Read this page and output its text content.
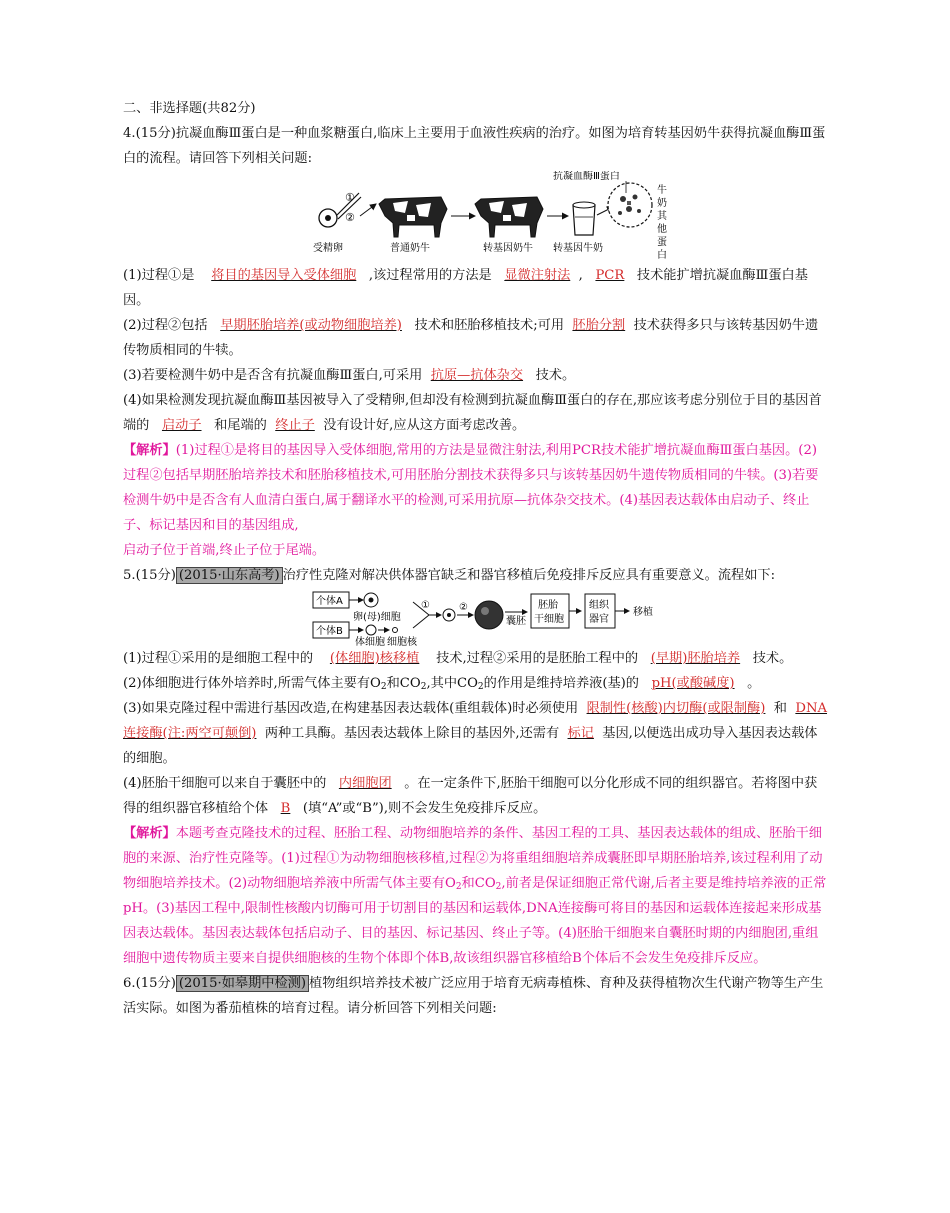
二、非选择题(共82分)

4.(15分)抗凝血酶Ⅲ蛋白是一种血浆糖蛋白,临床上主要用于血液性疾病的治疗。如图为培育转基因奶牛获得抗凝血酶Ⅲ蛋白的流程。请回答下列相关问题:

①
②
受精卵	普通奶牛	转基因奶牛 转基因牛奶
抗凝血酶Ⅲ蛋白
牛
奶
其
他
蛋
白

(1)过程①是 将目的基因导入受体细胞 ,该过程常用的方法是 显微注射法 , PCR 技术能扩增抗凝血酶Ⅲ蛋白基因。

(2)过程②包括 早期胚胎培养(或动物细胞培养) 技术和胚胎移植技术;可用 胚胎分割 技术获得多只与该转基因奶牛遗传物质相同的牛犊。

(3)若要检测牛奶中是否含有抗凝血酶Ⅲ蛋白,可采用 抗原—抗体杂交 技术。

(4)如果检测发现抗凝血酶Ⅲ基因被导入了受精卵,但却没有检测到抗凝血酶Ⅲ蛋白的存在,那应该考虑分别位于目的基因首端的 启动子 和尾端的 终止子 没有设计好,应从这方面考虑改善。

【解析】(1)过程①是将目的基因导入受体细胞,常用的方法是显微注射法,利用PCR技术能扩增抗凝血酶Ⅲ蛋白基因。(2)过程②包括早期胚胎培养技术和胚胎移植技术,可用胚胎分割技术获得多只与该转基因奶牛遗传物质相同的牛犊。(3)若要检测牛奶中是否含有人血清白蛋白,属于翻译水平的检测,可采用抗原—抗体杂交技术。(4)基因表达载体由启动子、终止子、标记基因和目的基因组成,

启动子位于首端,终止子位于尾端。

5.(15分) (2015·山东高考) 治疗性克隆对解决供体器官缺乏和器官移植后免疫排斥反应具有重要意义。流程如下:

个体A
卵(母)细胞
个体B
体细胞 细胞核
①	②
囊胚
胚胎
干细胞
组织
器官
移植

(1)过程①采用的是细胞工程中的 (体细胞)核移植 技术,过程②采用的是胚胎工程中的 (早期)胚胎培养 技术。

(2)体细胞进行体外培养时,所需气体主要有$O_2$和$CO_2$,其中$CO_2$的作用是维持培养液(基)的 pH(或酸碱度) 。

(3)如果克隆过程中需进行基因改造,在构建基因表达载体(重组载体)时必须使用 限制性(核酸)内切酶(或限制酶) 和 DNA连接酶(注:两空可颠倒) 两种工具酶。基因表达载体上除目的基因外,还需有 标记 基因,以便选出成功导入基因表达载体的细胞。

(4)胚胎干细胞可以来自于囊胚中的 内细胞团 。在一定条件下,胚胎干细胞可以分化形成不同的组织器官。若将图中获得的组织器官移植给个体 B (填“A”或“B”),则不会发生免疫排斥反应。

【解析】本题考查克隆技术的过程、胚胎工程、动物细胞培养的条件、基因工程的工具、基因表达载体的组成、胚胎干细胞的来源、治疗性克隆等。(1)过程①为动物细胞核移植,过程②为将重组细胞培养成囊胚即早期胚胎培养,该过程利用了动物细胞培养技术。(2)动物细胞培养液中所需气体主要有$O_2$和$CO_2$,前者是保证细胞正常代谢,后者主要是维持培养液的正常pH。(3)基因工程中,限制性核酸内切酶可用于切割目的基因和运载体,DNA连接酶可将目的基因和运载体连接起来形成基因表达载体。基因表达载体包括启动子、目的基因、标记基因、终止子等。(4)胚胎干细胞来自囊胚时期的内细胞团,重组细胞中遗传物质主要来自提供细胞核的生物个体即个体B,故该组织器官移植给B个体后不会发生免疫排斥反应。

6.(15分) (2015·如皋期中检测) 植物组织培养技术被广泛应用于培育无病毒植株、育种及获得植物次生代谢产物等生产生活实际。如图为番茄植株的培育过程。请分析回答下列相关问题:
